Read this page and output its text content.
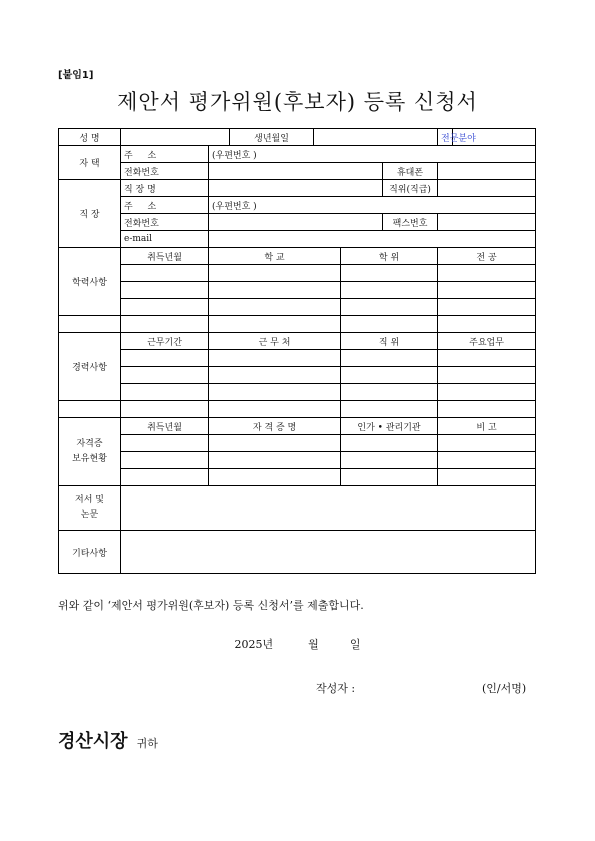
[붙임1]
제안서 평가위원(후보자) 등록 신청서
성 명			생년월일				전문분야	
자 택	주 소	(우편번호 )						
	전화번호					휴대폰		
직 장	직 장 명					직위(직급)		
	주 소	(우편번호 )						
	전화번호					팩스번호		
	e-mail							
학력사항	취득년월	학 교			학 위		전 공	

경력사항	근무기간	근 무 처			직 위		주요업무	

자격증
보유현황	취득년월	자 격 증 명			인가 • 관리기관		비 고	

저서 및
논문								

기타사항								
위와 같이 ‘제안서 평가위원(후보자) 등록 신청서’를 제출합니다.
2025년	월	일
작성자 :	(인/서명)
경산시장 귀하
